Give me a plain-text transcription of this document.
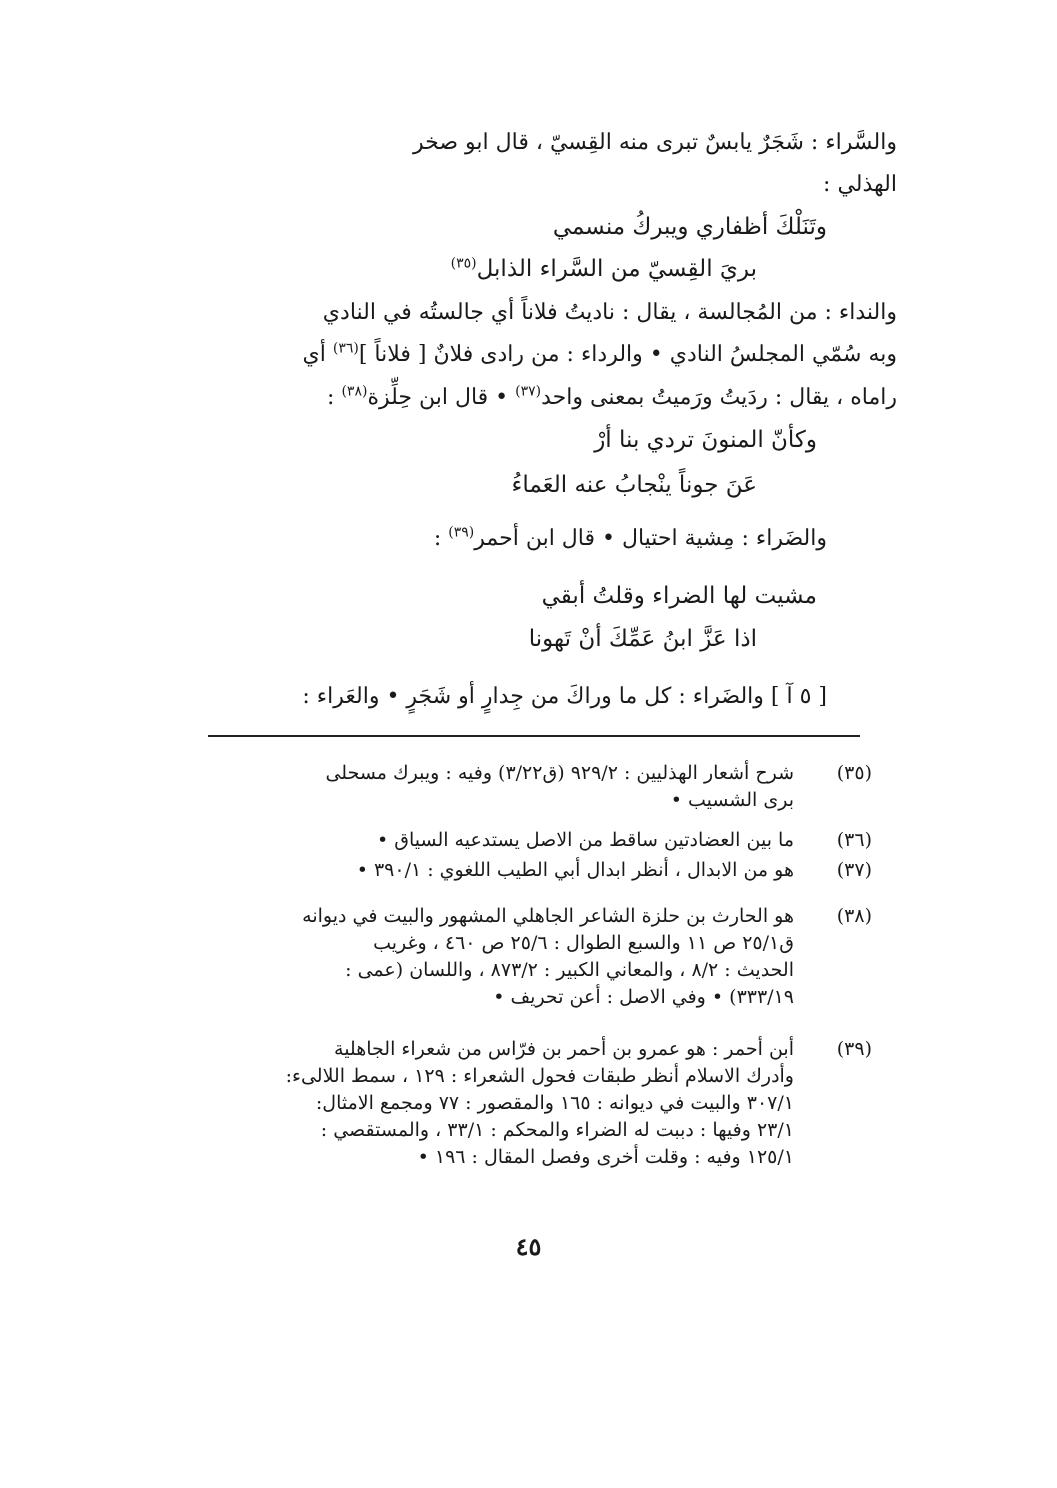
والسَّراء : شَجَرٌ يابسٌ تبرى منه القِسيّ ، قال ابو صخر
الهذلي :
وتَنَلْكَ أظفاري ويبركُ منسمي
بريَ القِسيّ من السَّراء الذابل$^{(٣٥)}$
والنداء : من المُجالسة ، يقال : ناديتُ فلاناً أي جالستُه في النادي
وبه سُمّي المجلسُ النادي • والرداء : من رادى فلانٌ [ فلاناً ]$^{(٣٦)}$ أي
راماه ، يقال : ردَيتُ ورَميتُ بمعنى واحد$^{(٣٧)}$ • قال ابن حِلِّزة$^{(٣٨)}$ :
وكأنّ المنونَ تردي بنا أرْ
عَنَ جوناً ينْجابُ عنه العَماءُ
والضَراء : مِشية احتيال • قال ابن أحمر$^{(٣٩)}$ :
مشيت لها الضراء وقلتُ أبقي
اذا عَزَّ ابنُ عَمِّكَ أنْ تَهونا
[ ٥ آ ] والضَراء : كل ما وراكَ من جِدارٍ أو شَجَرٍ • والعَراء :
(٣٥)
شرح أشعار الهذليين : ٩٢٩/٢ (ق٣/٢٢) وفيه : ويبرك مسحلى
برى الشسيب •
(٣٦)
ما بين العضادتين ساقط من الاصل يستدعيه السياق •
(٣٧)
هو من الابدال ، أنظر ابدال أبي الطيب اللغوي : ٣٩٠/١ •
(٣٨)
هو الحارث بن حلزة الشاعر الجاهلي المشهور والبيت في ديوانه
ق٢٥/١ ص ١١ والسبع الطوال : ٢٥/٦ ص ٤٦٠ ، وغريب
الحديث : ٨/٢ ، والمعاني الكبير : ٨٧٣/٢ ، واللسان (عمى :
٣٣٣/١٩) • وفي الاصل : أعن تحريف •
(٣٩)
أبن أحمر : هو عمرو بن أحمر بن فرّاس من شعراء الجاهلية
وأدرك الاسلام أنظر طبقات فحول الشعراء : ١٢٩ ، سمط اللالىء:
٣٠٧/١ والبيت في ديوانه : ١٦٥ والمقصور : ٧٧ ومجمع الامثال:
٢٣/١ وفيها : دببت له الضراء والمحكم : ٣٣/١ ، والمستقصي :
١٢٥/١ وفيه : وقلت أخرى وفصل المقال : ١٩٦ •
٤٥
